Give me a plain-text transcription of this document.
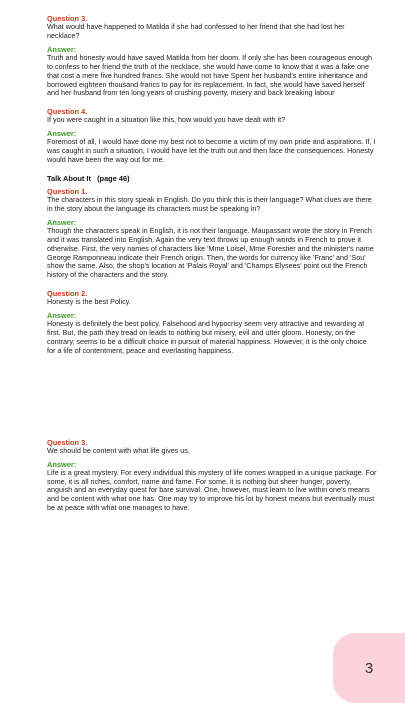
Question 3.

What would have happened to Matilda if she had confessed to her friend that she had lost her necklace?

Answer:

Truth and honesty would have saved Matilda from her doom. If only she has been courageous enough to confess to her friend the truth of the necklace, she would have come to know that it was a fake one that cost a mere five hundred francs. She would not have Spent her husband's entire inheritance and borrowed eighteen thousand francs to pay for its replacement. In fact, she would have saved herself and her husband from ten long years of crushing poverty, misery and back breaking labour

Question 4.

If you were caught in a situation like this, how would you have dealt with it?

Answer:

Foremost of all, I would have done my best not to become a victim of my own pride and aspirations. If, I was caught in such a situation, I would have let the truth out and then face the consequences. Honesty would have been the way out for me.

Talk About It   (page 46)

Question 1.

The characters in this story speak in English. Do you think this is their language? What clues are there in the story about the language its characters must be speaking in?

Answer:

Though the characters speak in English, it is not their language. Maupassant wrote the story in French and it was translated into English. Again the very text throws up enough words in French to prove it otherwise. First, the very names of characters like 'Mme Loisel, Mme Forestier and the minister's name George Ramponneau indicate their French origin. Then, the words for currency like 'Franc' and 'Sou' show the same. Also, the shop's location at 'Palais Royal' and 'Champs Elysees' point out the French history of the characters and the story.

Question 2.

Honesty is the best Policy.

Answer:

Honesty is definitely the best policy. Falsehood and hypocrisy seem very attractive and rewarding at first. But, the path they tread on leads to nothing but misery, evil and utter gloom. Honesty, on the contrary, seems to be a difficult choice in pursuit of material happiness. However, it is the only choice for a life of contentment, peace and everlasting happiness.

Question 3.

We should be content with what life gives us.

Answer:

Life is a great mystery. For every individual this mystery of life comes wrapped in a unique package. For some, it is all riches, comfort, name and fame. For some, it is nothing but sheer hunger, poverty, anguish and an everyday quest for bare survival. One, however, must learn to live within one's means and be content with what one has. One may try to improve his lot by honest means but eventually must be at peace with what one manages to have.

3
